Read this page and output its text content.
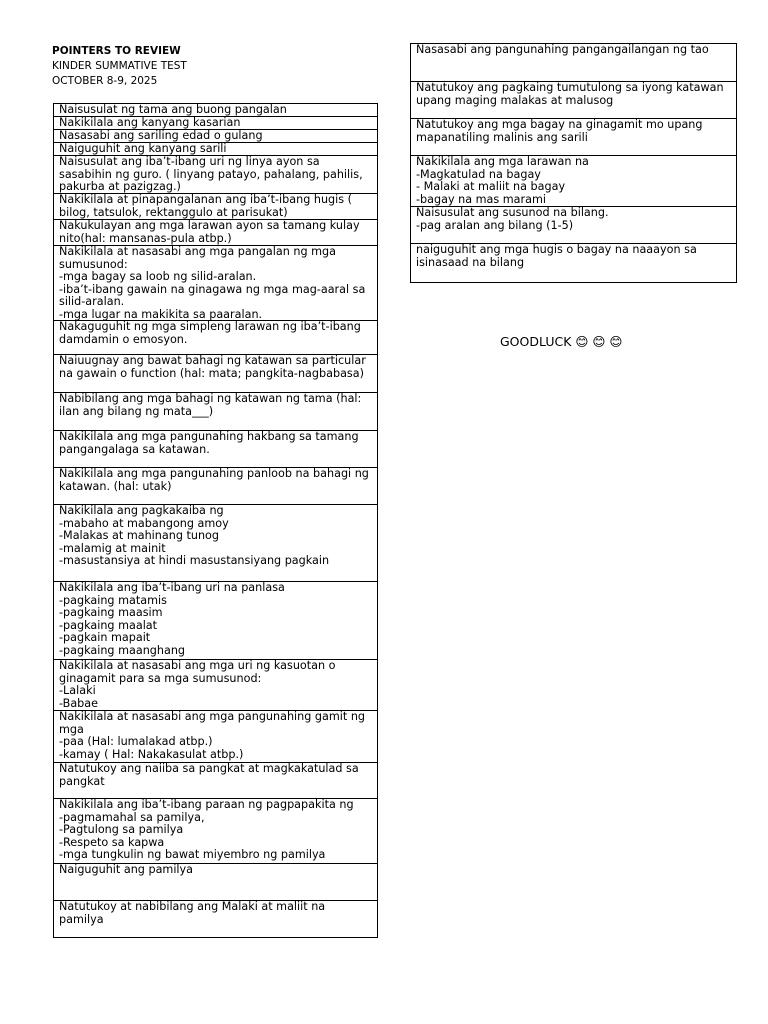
POINTERS TO REVIEW
KINDER SUMMATIVE TEST
OCTOBER 8-9, 2025
Naisusulat ng tama ang buong pangalan
Nakikilala ang kanyang kasarian
Nasasabi ang sariling edad o gulang
Naiguguhit ang kanyang sarili
Naisusulat ang iba’t-ibang uri ng linya ayon sa sasabihin ng guro. ( linyang patayo, pahalang, pahilis, pakurba at pazigzag.)
Nakikilala at pinapangalanan ang iba’t-ibang hugis ( bilog, tatsulok, rektanggulo at parisukat)
Nakukulayan ang mga larawan ayon sa tamang kulay nito(hal: mansanas-pula atbp.)
Nakikilala at nasasabi ang mga pangalan ng mga sumusunod:
-mga bagay sa loob ng silid-aralan.
-iba’t-ibang gawain na ginagawa ng mga mag-aaral sa silid-aralan.
-mga lugar na makikita sa paaralan.
Nakaguguhit ng mga simpleng larawan ng iba’t-ibang damdamin o emosyon.
Naiuugnay ang bawat bahagi ng katawan sa particular na gawain o function (hal: mata; pangkita-nagbabasa)
Nabibilang ang mga bahagi ng katawan ng tama (hal: ilan ang bilang ng mata___)
Nakikilala ang mga pangunahing hakbang sa tamang pangangalaga sa katawan.
Nakikilala ang mga pangunahing panloob na bahagi ng katawan. (hal: utak)
Nakikilala ang pagkakaiba ng
-mabaho at mabangong amoy
-Malakas at mahinang tunog
-malamig at mainit
-masustansiya at hindi masustansiyang pagkain
Nakikilala ang iba’t-ibang uri na panlasa
-pagkaing matamis
-pagkaing maasim
-pagkaing maalat
-pagkain mapait
-pagkaing maanghang
Nakikilala at nasasabi ang mga uri ng kasuotan o ginagamit para sa mga sumusunod:
-Lalaki
-Babae
Nakikilala at nasasabi ang mga pangunahing gamit ng mga
-paa (Hal: lumalakad atbp.)
-kamay ( Hal: Nakakasulat atbp.)
Natutukoy ang naiiba sa pangkat at magkakatulad sa pangkat
Nakikilala ang iba’t-ibang paraan ng pagpapakita ng
-pagmamahal sa pamilya,
-Pagtulong sa pamilya
-Respeto sa kapwa
-mga tungkulin ng bawat miyembro ng pamilya
Naiguguhit ang pamilya
Natutukoy at nabibilang ang Malaki at maliit na pamilya
Nasasabi ang pangunahing pangangailangan ng tao
Natutukoy ang pagkaing tumutulong sa iyong katawan upang maging malakas at malusog
Natutukoy ang mga bagay na ginagamit mo upang mapanatiling malinis ang sarili
Nakikilala ang mga larawan na
-Magkatulad na bagay
- Malaki at maliit na bagay
-bagay na mas marami
Naisusulat ang susunod na bilang.
-pag aralan ang bilang (1-5)
naiguguhit ang mga hugis o bagay na naaayon sa isinasaad na bilang
GOODLUCK 😊 😊 😊
